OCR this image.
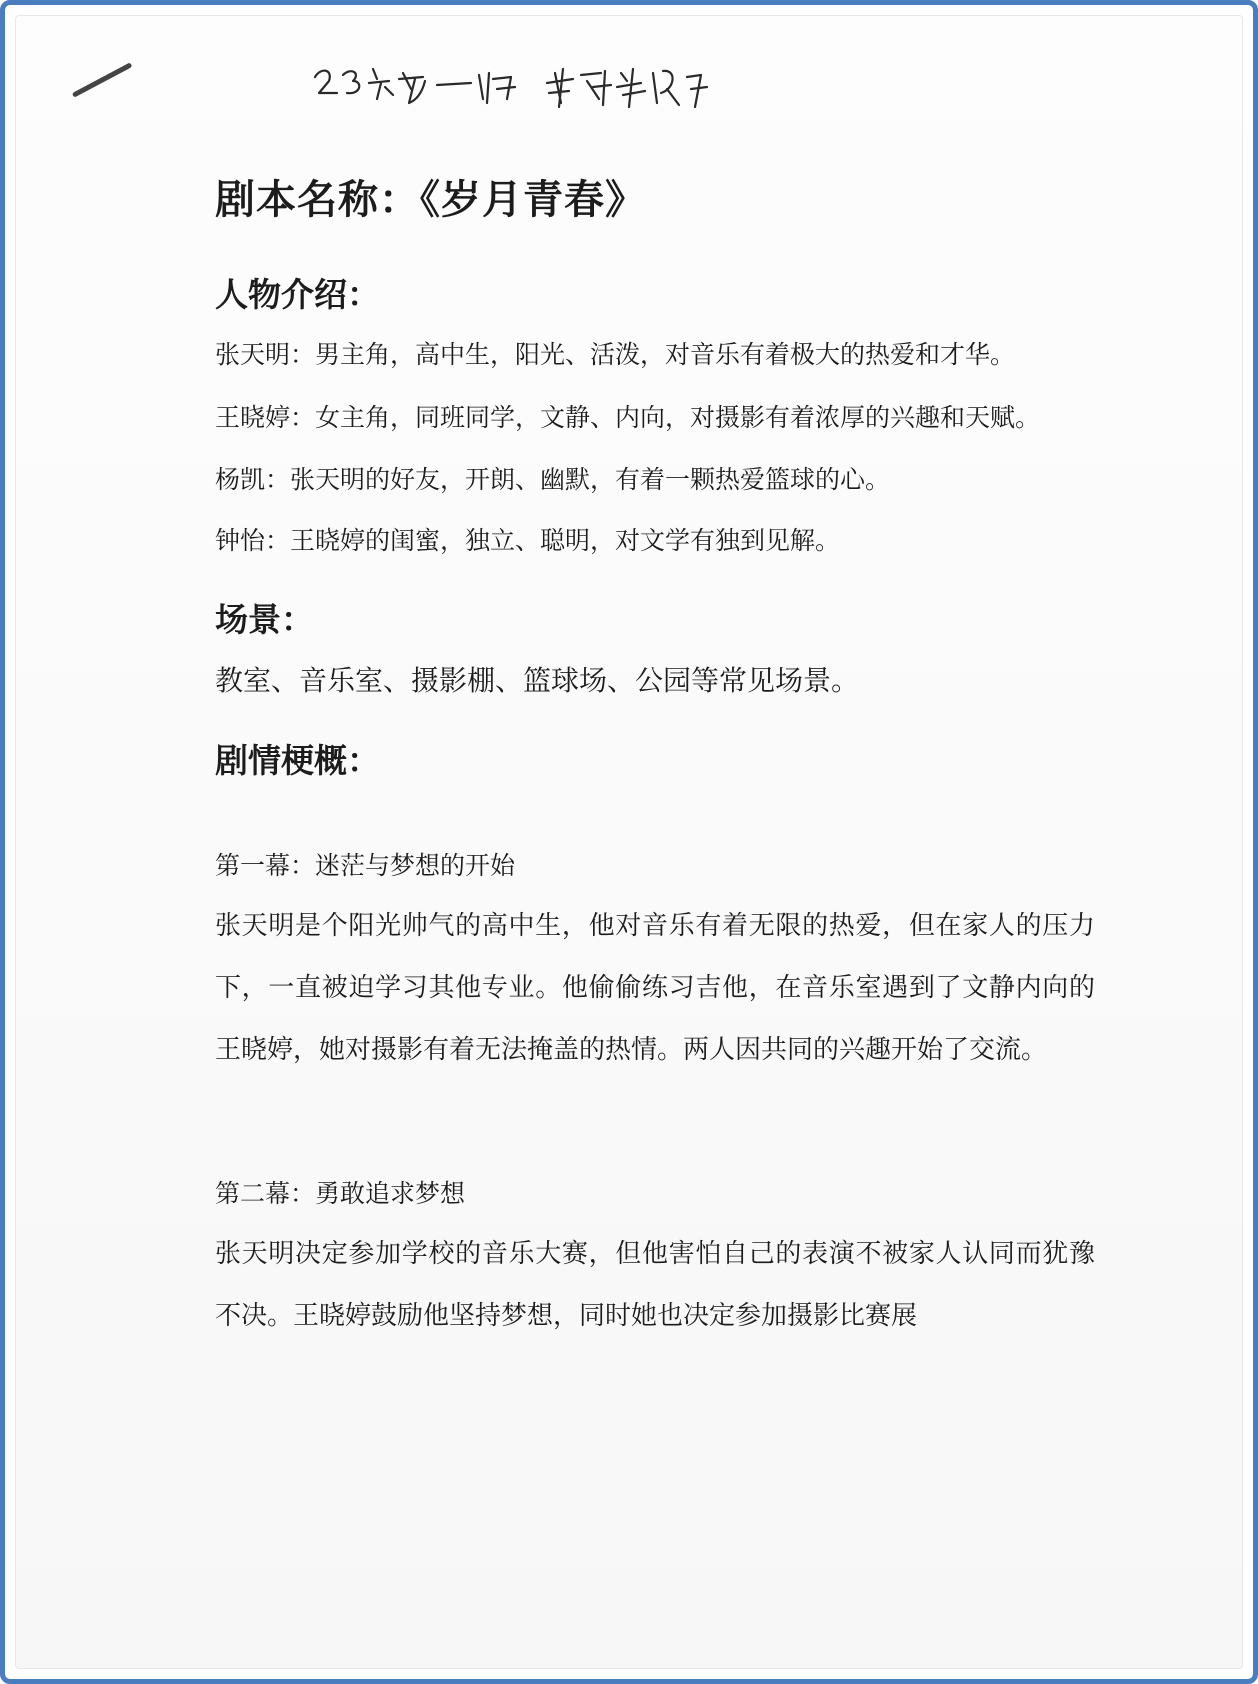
剧本名称：《岁月青春》
人物介绍：

张天明：男主角，高中生，阳光、活泼，对音乐有着极大的热爱和才华。

王晓婷：女主角，同班同学，文静、内向，对摄影有着浓厚的兴趣和天赋。

杨凯：张天明的好友，开朗、幽默，有着一颗热爱篮球的心。

钟怡：王晓婷的闺蜜，独立、聪明，对文学有独到见解。

场景：

教室、音乐室、摄影棚、篮球场、公园等常见场景。

剧情梗概：

第一幕：迷茫与梦想的开始

张天明是个阳光帅气的高中生，他对音乐有着无限的热爱，但在家人的压力下，一直被迫学习其他专业。他偷偷练习吉他，在音乐室遇到了文静内向的王晓婷，她对摄影有着无法掩盖的热情。两人因共同的兴趣开始了交流。

第二幕：勇敢追求梦想

张天明决定参加学校的音乐大赛，但他害怕自己的表演不被家人认同而犹豫不决。王晓婷鼓励他坚持梦想，同时她也决定参加摄影比赛展
